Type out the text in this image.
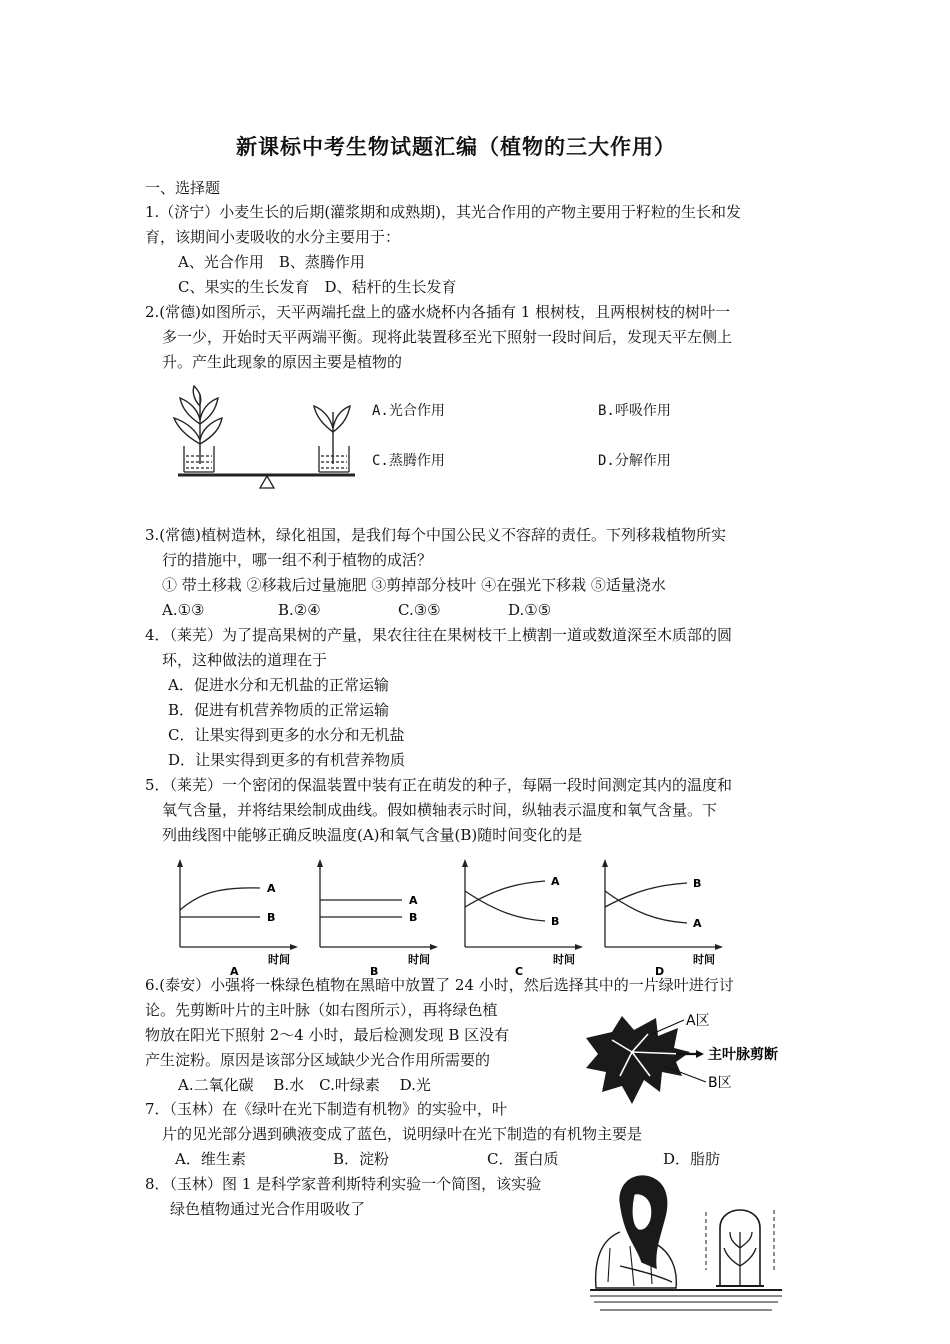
新课标中考生物试题汇编（植物的三大作用）
一、选择题
1.（济宁）小麦生长的后期(灌浆期和成熟期)，其光合作用的产物主要用于籽粒的生长和发
育，该期间小麦吸收的水分主要用于：
A、光合作用　B、蒸腾作用
C、果实的生长发育　D、秸杆的生长发育
2.(常德)如图所示，天平两端托盘上的盛水烧杯内各插有 1 根树枝，且两根树枝的树叶一
多一少，开始时天平两端平衡。现将此装置移至光下照射一段时间后，发现天平左侧上
升。产生此现象的原因主要是植物的
A.光合作用	B.呼吸作用
C.蒸腾作用	D.分解作用
3.(常德)植树造林，绿化祖国，是我们每个中国公民义不容辞的责任。下列移栽植物所实
行的措施中，哪一组不利于植物的成活？
① 带土移栽 ②移栽后过量施肥 ③剪掉部分枝叶 ④在强光下移栽 ⑤适量浇水
A.①③	B.②④	C.③⑤	D.①⑤
4．（莱芜）为了提高果树的产量，果农往往在果树枝干上横割一道或数道深至木质部的圆
环，这种做法的道理在于
A．促进水分和无机盐的正常运输
B．促进有机营养物质的正常运输
C．让果实得到更多的水分和无机盐
D．让果实得到更多的有机营养物质
5．（莱芜）一个密闭的保温装置中装有正在萌发的种子，每隔一段时间测定其内的温度和
氧气含量，并将结果绘制成曲线。假如横轴表示时间，纵轴表示温度和氧气含量。下
列曲线图中能够正确反映温度(A)和氧气含量(B)随时间变化的是
A
B
时间
A
A
B
时间
B
A
B
时间
C
B
A
时间
D
6.(泰安）小强将一株绿色植物在黑暗中放置了 24 小时，然后选择其中的一片绿叶进行讨
论。先剪断叶片的主叶脉（如右图所示），再将绿色植
物放在阳光下照射 2～4 小时，最后检测发现 B 区没有
产生淀粉。原因是该部分区域缺少光合作用所需要的
A.二氧化碳　 B.水　C.叶绿素　 D.光
A区
主叶脉剪断
B区
7．（玉林）在《绿叶在光下制造有机物》的实验中，叶
片的见光部分遇到碘液变成了蓝色，说明绿叶在光下制造的有机物主要是
A．维生素	B．淀粉	C．蛋白质	D．脂肪
8．（玉林）图 1 是科学家普利斯特利实验一个简图，该实验
绿色植物通过光合作用吸收了
